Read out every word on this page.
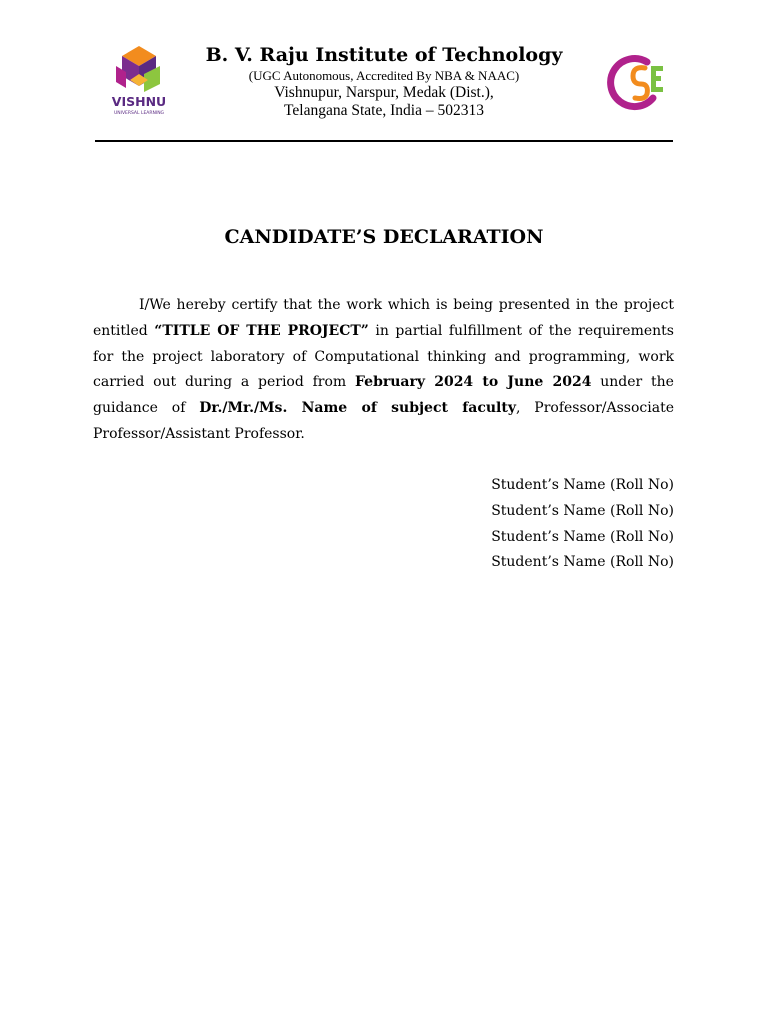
VISHNU
UNIVERSAL LEARNING
B. V. Raju Institute of Technology
(UGC Autonomous, Accredited By NBA & NAAC)
Vishnupur, Narspur, Medak (Dist.),
Telangana State, India – 502313
CANDIDATE’S DECLARATION

I/We hereby certify that the work which is being presented in the project entitled “TITLE OF THE PROJECT” in partial fulfillment of the requirements for the project laboratory of Computational thinking and programming, work carried out during a period from February 2024 to June 2024 under the guidance of Dr./Mr./Ms. Name of subject faculty, Professor/Associate Professor/Assistant Professor.

Student’s Name (Roll No)
Student’s Name (Roll No)
Student’s Name (Roll No)
Student’s Name (Roll No)
